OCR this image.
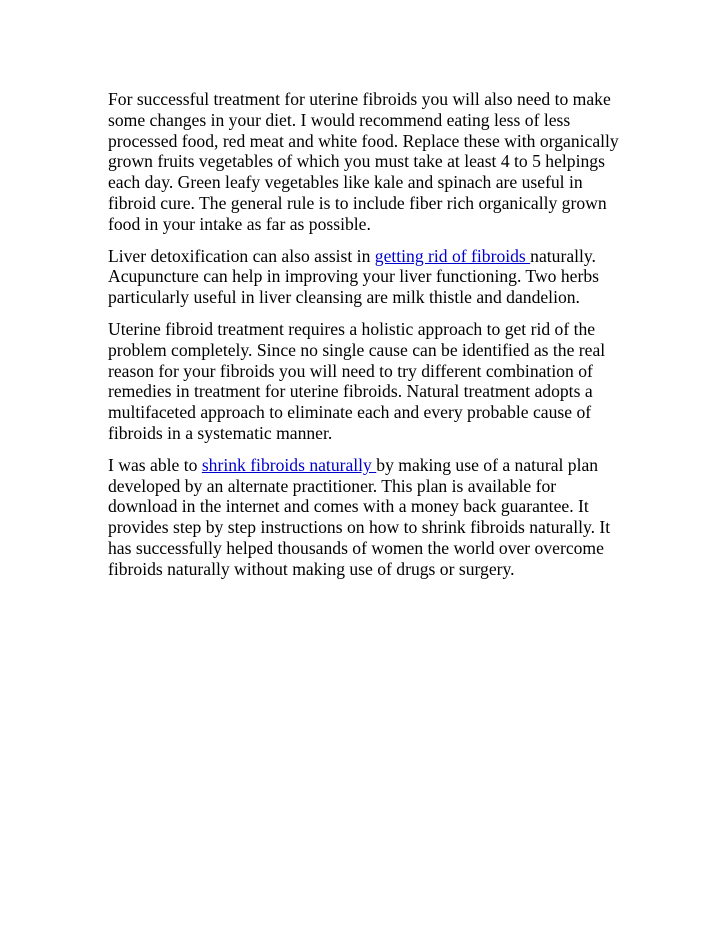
For successful treatment for uterine fibroids you will also need to make some changes in your diet. I would recommend eating less of less processed food, red meat and white food. Replace these with organically grown fruits vegetables of which you must take at least 4 to 5 helpings each day. Green leafy vegetables like kale and spinach are useful in fibroid cure. The general rule is to include fiber rich organically grown food in your intake as far as possible.

Liver detoxification can also assist in getting rid of fibroids naturally. Acupuncture can help in improving your liver functioning. Two herbs particularly useful in liver cleansing are milk thistle and dandelion.

Uterine fibroid treatment requires a holistic approach to get rid of the problem completely. Since no single cause can be identified as the real reason for your fibroids you will need to try different combination of remedies in treatment for uterine fibroids. Natural treatment adopts a multifaceted approach to eliminate each and every probable cause of fibroids in a systematic manner.

I was able to shrink fibroids naturally by making use of a natural plan developed by an alternate practitioner. This plan is available for download in the internet and comes with a money back guarantee. It provides step by step instructions on how to shrink fibroids naturally. It has successfully helped thousands of women the world over overcome fibroids naturally without making use of drugs or surgery.
